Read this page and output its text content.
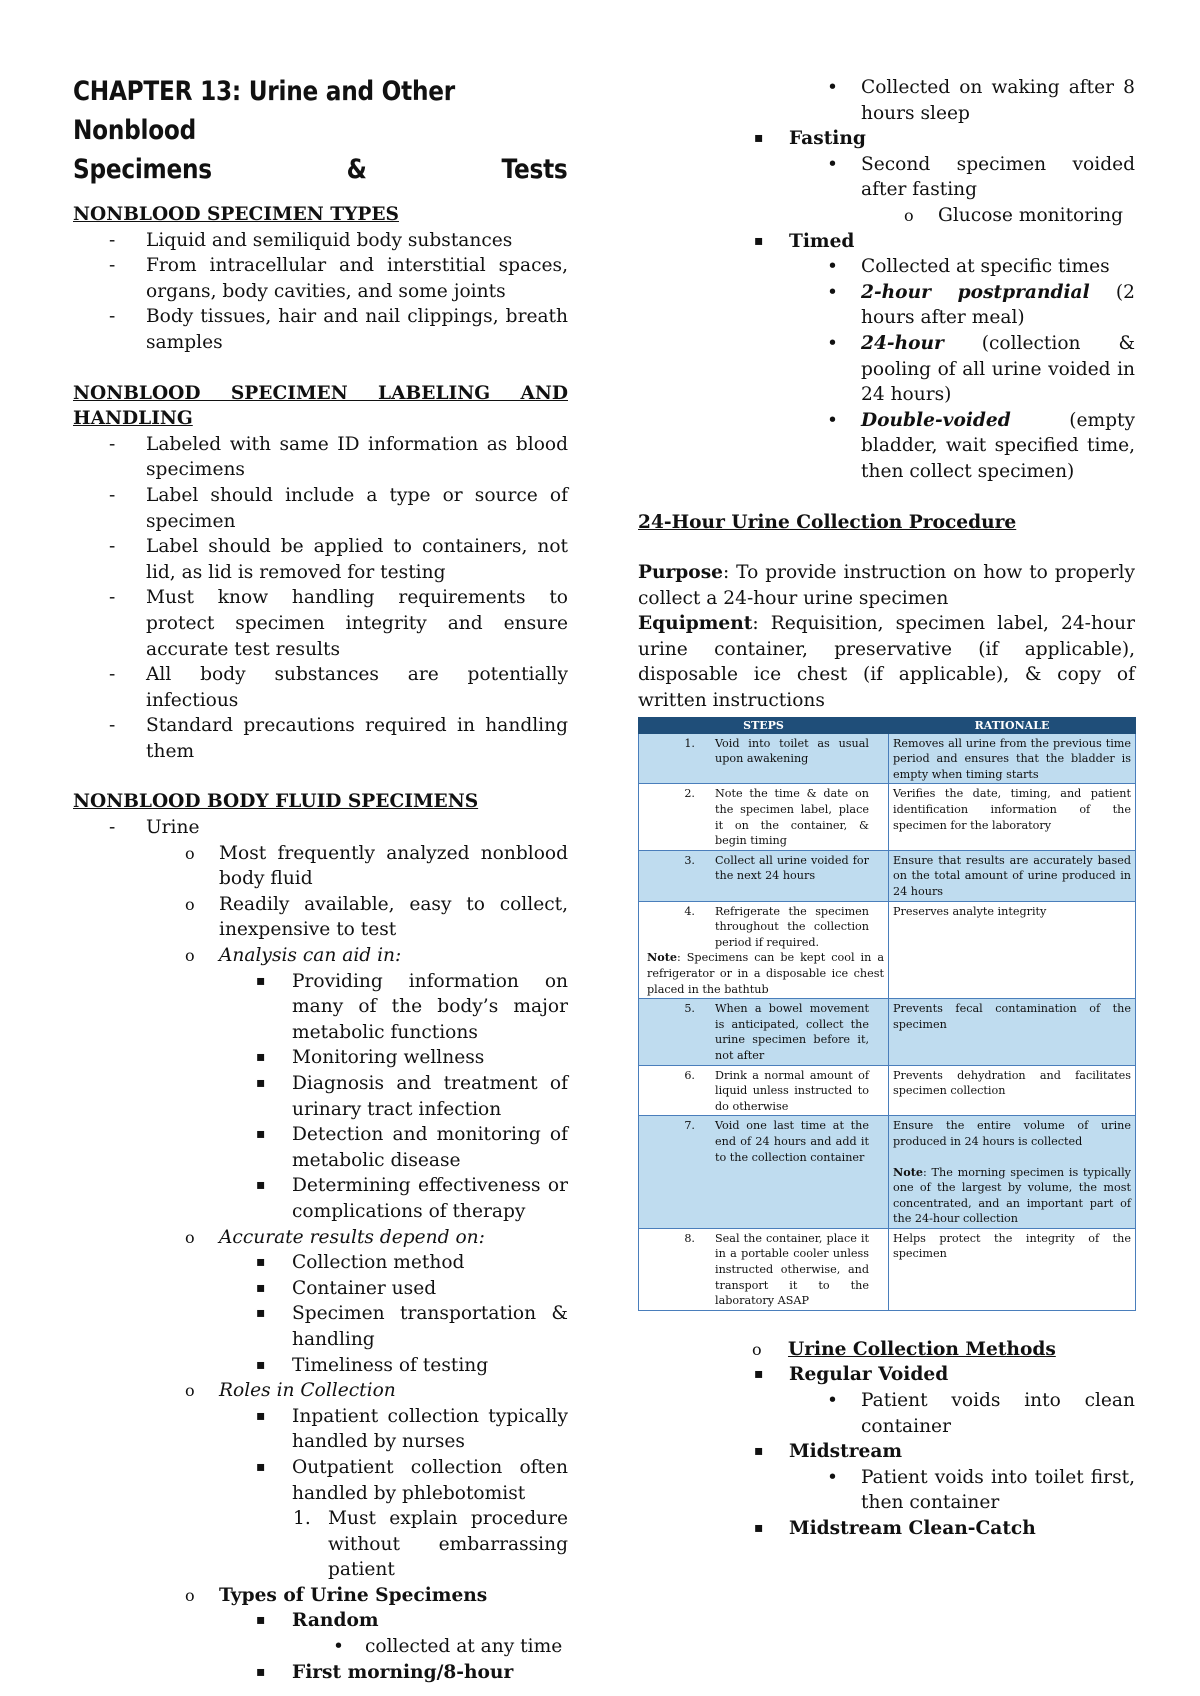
CHAPTER 13: Urine and Other Nonblood
Specimens	&	Tests
NONBLOOD SPECIMEN TYPES
- Liquid and semiliquid body substances
- From intracellular and interstitial spaces, organs, body cavities, and some joints
- Body tissues, hair and nail clippings, breath samples
NONBLOOD SPECIMEN LABELING AND HANDLING
- Labeled with same ID information as blood specimens
- Label should include a type or source of specimen
- Label should be applied to containers, not lid, as lid is removed for testing
- Must know handling requirements to protect specimen integrity and ensure accurate test results
- All body substances are potentially infectious
- Standard precautions required in handling them
NONBLOOD BODY FLUID SPECIMENS
- Urine
o Most frequently analyzed nonblood body fluid
o Readily available, easy to collect, inexpensive to test
o Analysis can aid in:
▪ Providing information on many of the body’s major metabolic functions
▪ Monitoring wellness
▪ Diagnosis and treatment of urinary tract infection
▪ Detection and monitoring of metabolic disease
▪ Determining effectiveness or complications of therapy
o Accurate results depend on:
▪ Collection method
▪ Container used
▪ Specimen transportation & handling
▪ Timeliness of testing
o Roles in Collection
▪ Inpatient collection typically handled by nurses
▪ Outpatient collection often handled by phlebotomist
1. Must explain procedure without embarrassing patient
o Types of Urine Specimens
▪ Random
• collected at any time
▪ First morning/8-hour
• Collected on waking after 8 hours sleep
▪ Fasting
• Second specimen voided after fasting
o Glucose monitoring
▪ Timed
• Collected at specific times
• 2-hour postprandial (2 hours after meal)
• 24-hour (collection & pooling of all urine voided in 24 hours)
• Double-voided (empty bladder, wait specified time, then collect specimen)
24-Hour Urine Collection Procedure
Purpose: To provide instruction on how to properly collect a 24-hour urine specimen
Equipment: Requisition, specimen label, 24-hour urine container, preservative (if applicable), disposable ice chest (if applicable), & copy of written instructions
STEPS	RATIONALE
1. Void into toilet as usual upon awakening	Removes all urine from the previous time period and ensures that the bladder is empty when timing starts
2. Note the time & date on the specimen label, place it on the container, & begin timing	Verifies the date, timing, and patient identification information of the specimen for the laboratory
3. Collect all urine voided for the next 24 hours	Ensure that results are accurately based on the total amount of urine produced in 24 hours
4. Refrigerate the specimen throughout the collection period if required.
Note: Specimens can be kept cool in a refrigerator or in a disposable ice chest placed in the bathtub	Preserves analyte integrity
5. When a bowel movement is anticipated, collect the urine specimen before it, not after	Prevents fecal contamination of the specimen
6. Drink a normal amount of liquid unless instructed to do otherwise	Prevents dehydration and facilitates specimen collection
7. Void one last time at the end of 24 hours and add it to the collection container	Ensure the entire volume of urine produced in 24 hours is collected
Note: The morning specimen is typically one of the largest by volume, the most concentrated, and an important part of the 24-hour collection

8. Seal the container, place it in a portable cooler unless instructed otherwise, and transport it to the laboratory ASAP	Helps protect the integrity of the specimen
o Urine Collection Methods
▪ Regular Voided
• Patient voids into clean container
▪ Midstream
• Patient voids into toilet first, then container
▪ Midstream Clean-Catch
